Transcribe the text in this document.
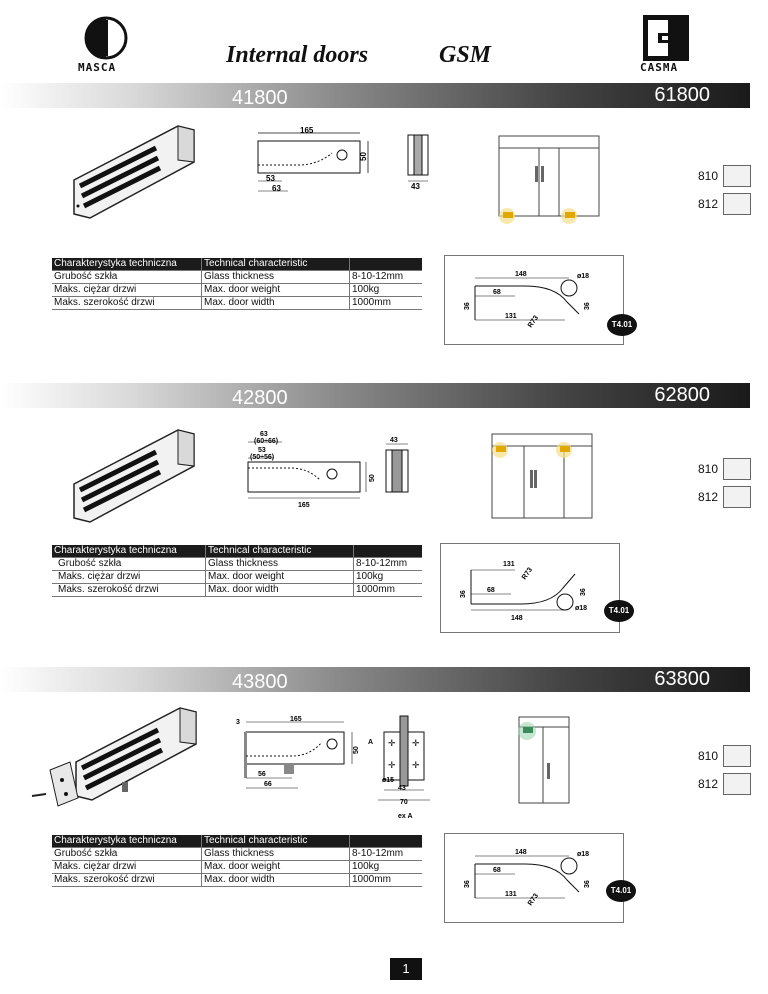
MASCA	Internal doors	GSM	CASMA
41800	61800
165
50
53
63	43
810
812
Charakterystyka techniczna	Technical characteristic	
Grubość szkła	Glass thickness	8-10-12mm
Maks. ciężar drzwi	Max. door weight	100kg
Maks. szerokość drzwi	Max. door width	1000mm
148	ø18
68
131
36	36
R73	T4.01
42800	62800
63
(60÷66)
53
(50÷56)
165
50
43
810
812
Charakterystyka techniczna	Technical characteristic	
Grubość szkła	Glass thickness	8-10-12mm
Maks. ciężar drzwi	Max. door weight	100kg
Maks. szerokość drzwi	Max. door width	1000mm
131
68
148
ø18
36	36
R73
T4.01
43800	63800
✛ ✛
✛ ✛
3	165
50
A
56
66
ø15
43
70
ex A
810
812
Charakterystyka techniczna	Technical characteristic	
Grubość szkła	Glass thickness	8-10-12mm
Maks. ciężar drzwi	Max. door weight	100kg
Maks. szerokość drzwi	Max. door width	1000mm
148	ø18
68
131
36	36
R73
T4.01
1
